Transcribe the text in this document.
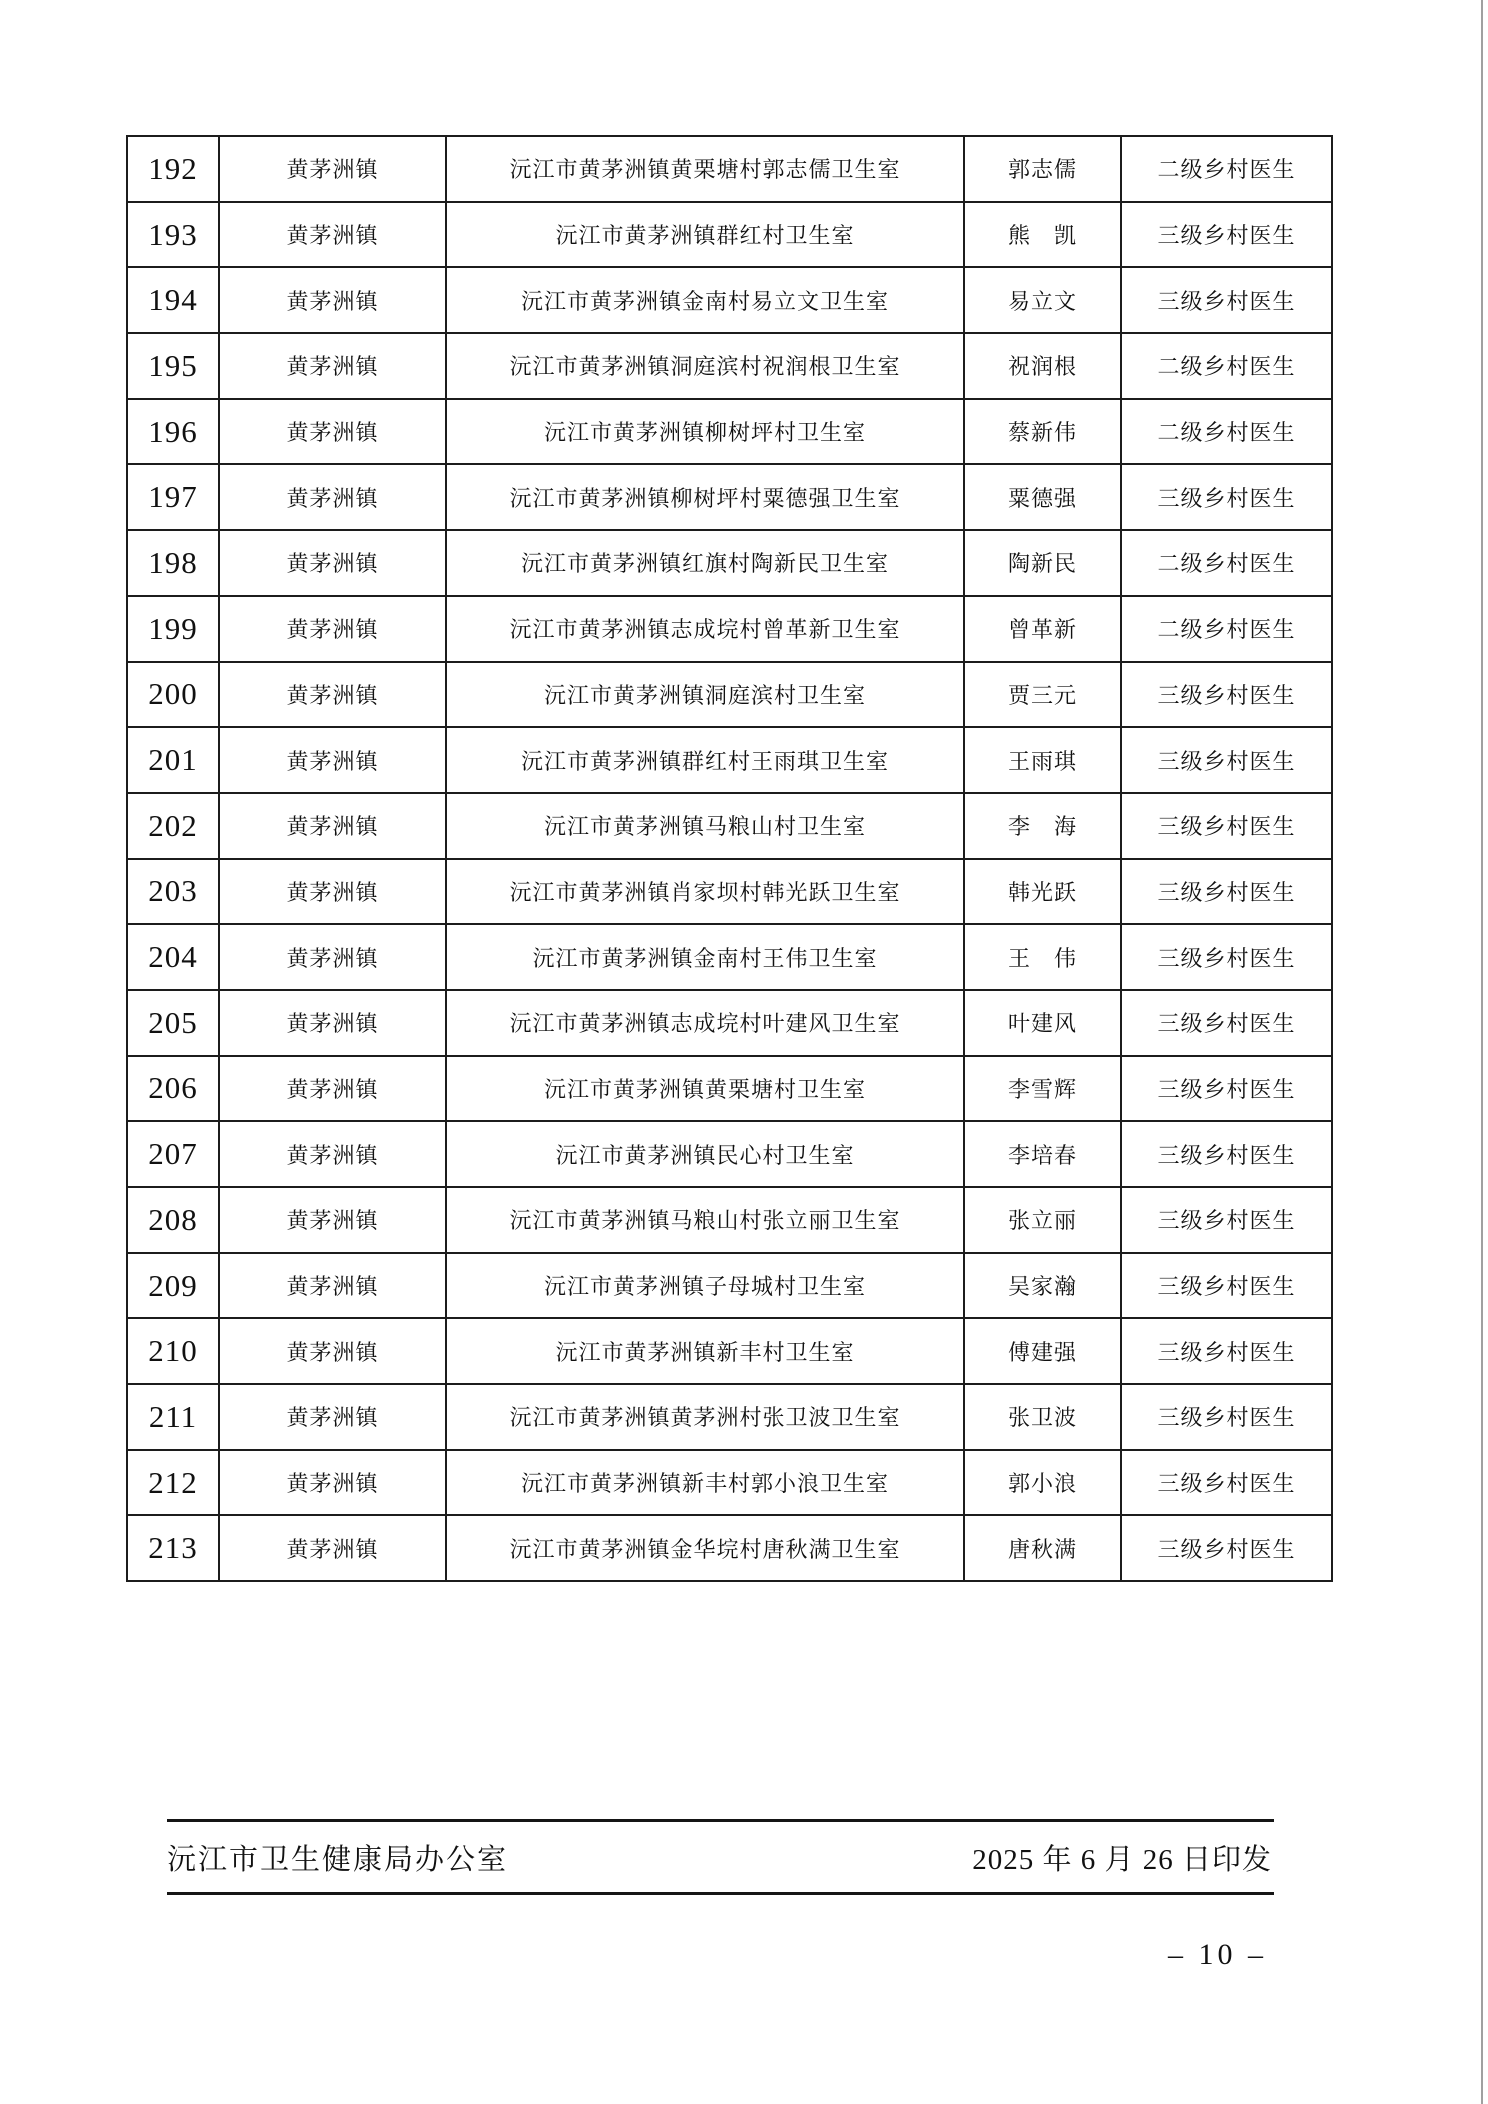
192	黄茅洲镇	沅江市黄茅洲镇黄栗塘村郭志儒卫生室	郭志儒	二级乡村医生
193	黄茅洲镇	沅江市黄茅洲镇群红村卫生室	熊　凯	三级乡村医生
194	黄茅洲镇	沅江市黄茅洲镇金南村易立文卫生室	易立文	三级乡村医生
195	黄茅洲镇	沅江市黄茅洲镇洞庭滨村祝润根卫生室	祝润根	二级乡村医生
196	黄茅洲镇	沅江市黄茅洲镇柳树坪村卫生室	蔡新伟	二级乡村医生
197	黄茅洲镇	沅江市黄茅洲镇柳树坪村粟德强卫生室	粟德强	三级乡村医生
198	黄茅洲镇	沅江市黄茅洲镇红旗村陶新民卫生室	陶新民	二级乡村医生
199	黄茅洲镇	沅江市黄茅洲镇志成垸村曾革新卫生室	曾革新	二级乡村医生
200	黄茅洲镇	沅江市黄茅洲镇洞庭滨村卫生室	贾三元	三级乡村医生
201	黄茅洲镇	沅江市黄茅洲镇群红村王雨琪卫生室	王雨琪	三级乡村医生
202	黄茅洲镇	沅江市黄茅洲镇马粮山村卫生室	李　海	三级乡村医生
203	黄茅洲镇	沅江市黄茅洲镇肖家坝村韩光跃卫生室	韩光跃	三级乡村医生
204	黄茅洲镇	沅江市黄茅洲镇金南村王伟卫生室	王　伟	三级乡村医生
205	黄茅洲镇	沅江市黄茅洲镇志成垸村叶建风卫生室	叶建风	三级乡村医生
206	黄茅洲镇	沅江市黄茅洲镇黄栗塘村卫生室	李雪辉	三级乡村医生
207	黄茅洲镇	沅江市黄茅洲镇民心村卫生室	李培春	三级乡村医生
208	黄茅洲镇	沅江市黄茅洲镇马粮山村张立丽卫生室	张立丽	三级乡村医生
209	黄茅洲镇	沅江市黄茅洲镇子母城村卫生室	吴家瀚	三级乡村医生
210	黄茅洲镇	沅江市黄茅洲镇新丰村卫生室	傅建强	三级乡村医生
211	黄茅洲镇	沅江市黄茅洲镇黄茅洲村张卫波卫生室	张卫波	三级乡村医生
212	黄茅洲镇	沅江市黄茅洲镇新丰村郭小浪卫生室	郭小浪	三级乡村医生
213	黄茅洲镇	沅江市黄茅洲镇金华垸村唐秋满卫生室	唐秋满	三级乡村医生
沅江市卫生健康局办公室	2025 年 6 月 26 日印发
– 10 –
